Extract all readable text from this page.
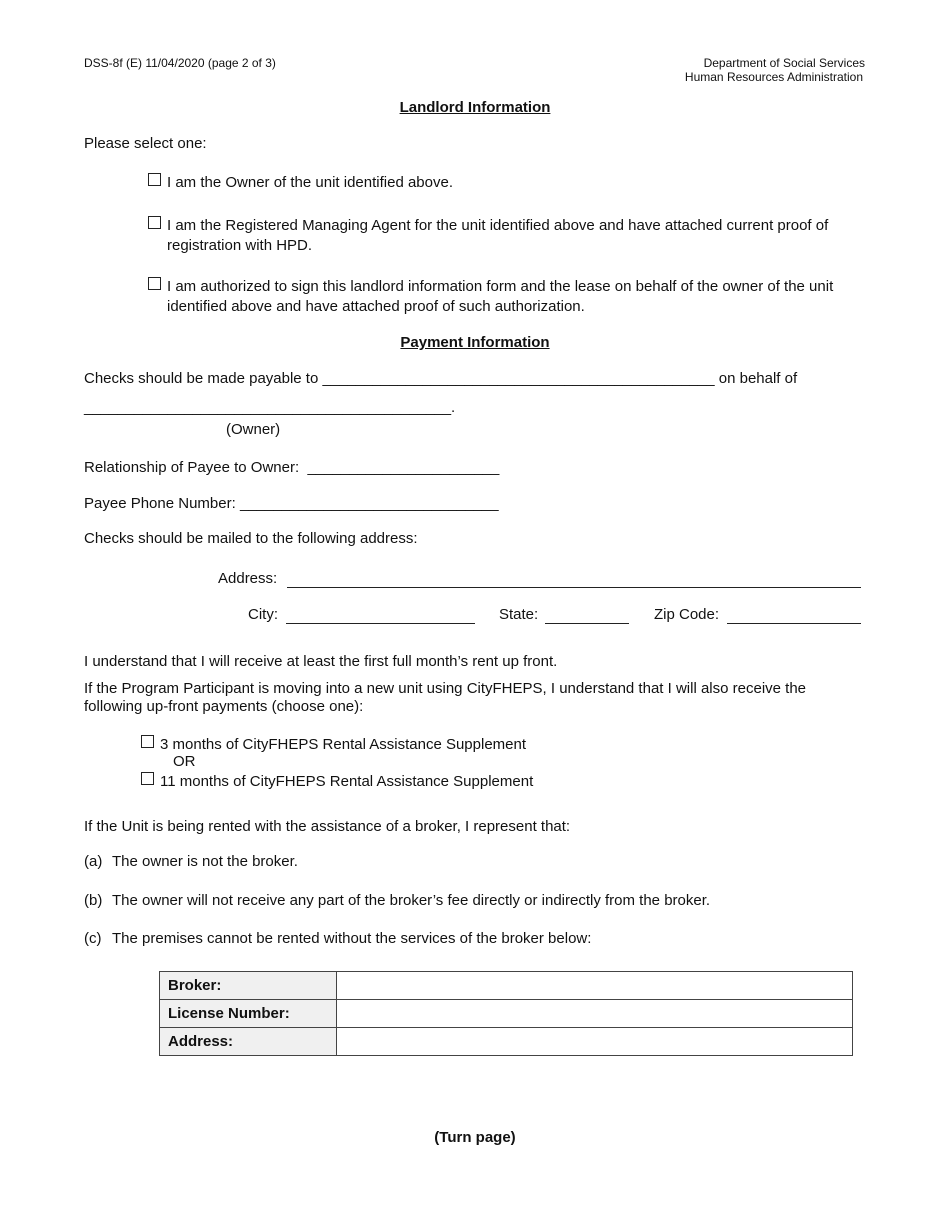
DSS-8f (E) 11/04/2020 (page 2 of 3)	Department of Social Services
Human Resources Administration
Landlord Information
Please select one:
I am the Owner of the unit identified above.
I am the Registered Managing Agent for the unit identified above and have attached current proof of
registration with HPD.
I am authorized to sign this landlord information form and the lease on behalf of the owner of the unit
identified above and have attached proof of such authorization.
Payment Information
Checks should be made payable to _______________________________________________ on behalf of
____________________________________________.
(Owner)
Relationship of Payee to Owner: _______________________
Payee Phone Number: _______________________________
Checks should be mailed to the following address:
Address:
City:	State:	Zip Code:
I understand that I will receive at least the first full month’s rent up front.
If the Program Participant is moving into a new unit using CityFHEPS, I understand that I will also receive the
following up-front payments (choose one):
3 months of CityFHEPS Rental Assistance Supplement
OR
11 months of CityFHEPS Rental Assistance Supplement
If the Unit is being rented with the assistance of a broker, I represent that:
(a) The owner is not the broker.
(b) The owner will not receive any part of the broker’s fee directly or indirectly from the broker.
(c) The premises cannot be rented without the services of the broker below:
Broker:	
License Number:	
Address:	
(Turn page)
